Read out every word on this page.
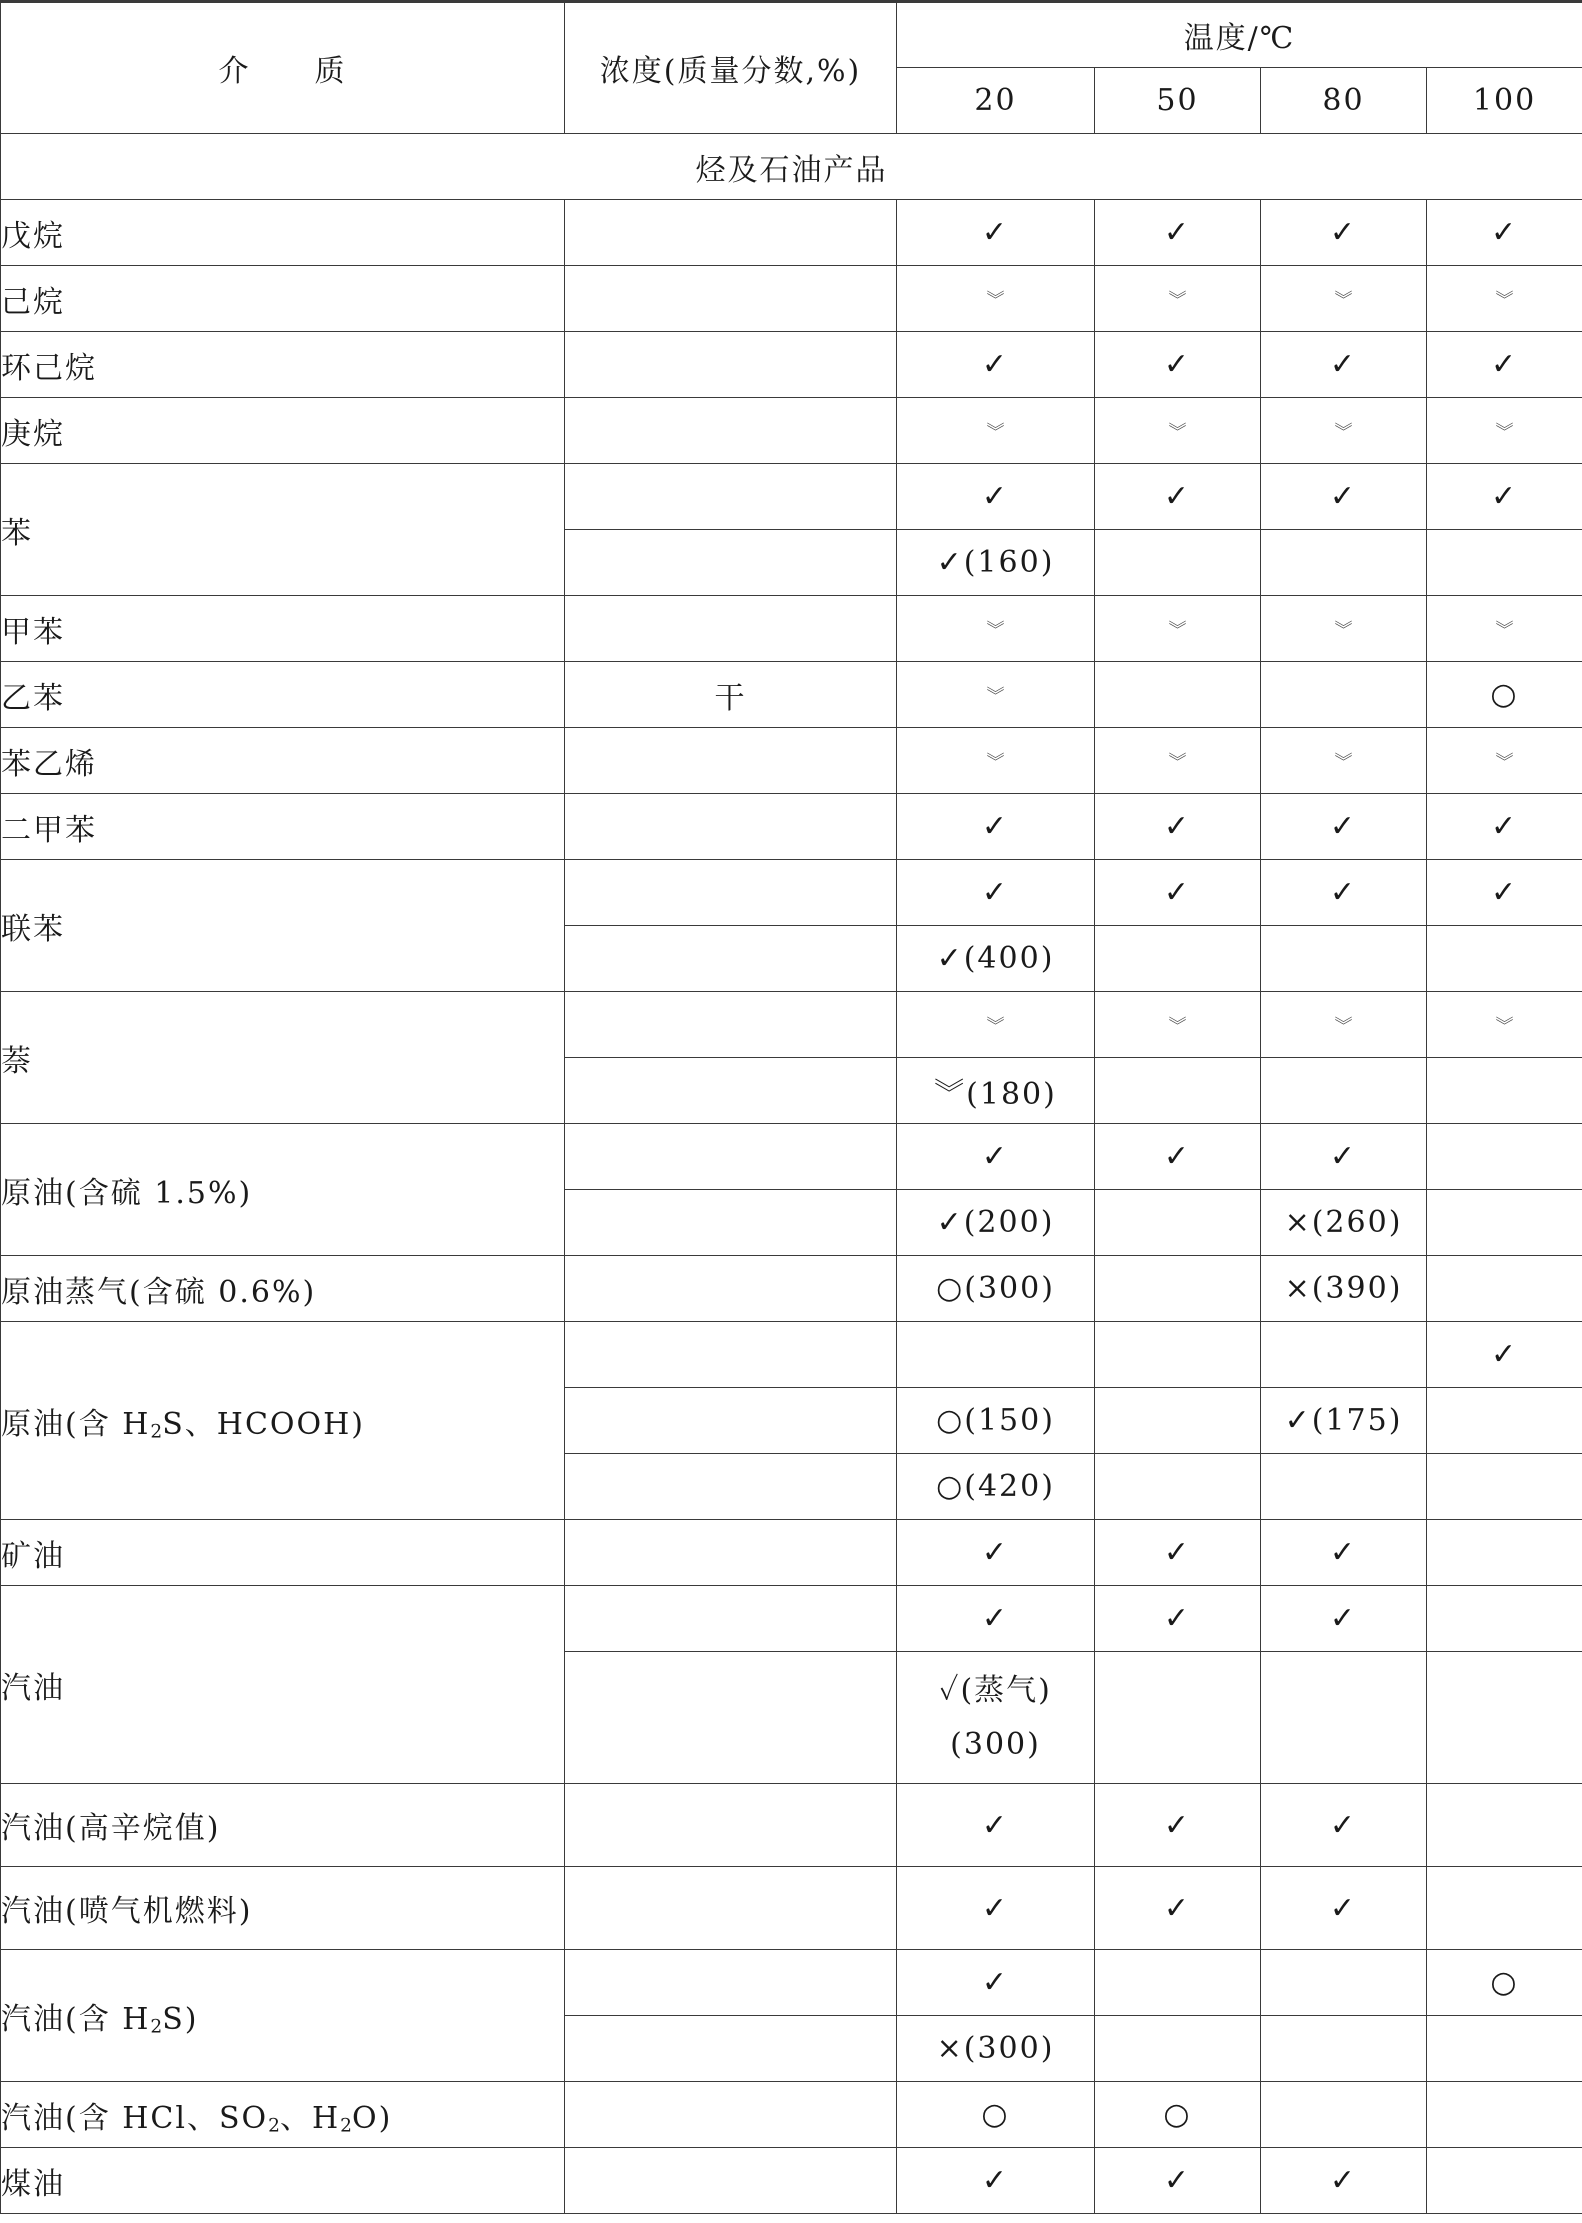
介　　质	浓度(质量分数,%)	温度/℃			
		20	50	80	100
烃及石油产品					
戊烷		✓	✓	✓	✓
己烷		︾	︾	︾	︾
环己烷		✓	✓	✓	✓
庚烷		︾	︾	︾	︾
苯		✓	✓	✓	✓
		✓(160)			
甲苯		︾	︾	︾	︾
乙苯	干	︾			○
苯乙烯		︾	︾	︾	︾
二甲苯		✓	✓	✓	✓
联苯		✓	✓	✓	✓
		✓(400)			
萘		︾	︾	︾	︾
		︾(180)			
原油(含硫 1.5%)		✓	✓	✓	
		✓(200)		×(260)	
原油蒸气(含硫 0.6%)		○(300)		×(390)	
原油(含 H2S、HCOOH)					✓
		○(150)		✓(175)	
		○(420)			
矿油		✓	✓	✓	
汽油		✓	✓	✓	

		✓(蒸气)
(300)			

汽油(高辛烷值)		✓	✓	✓	
汽油(喷气机燃料)		✓	✓	✓	
汽油(含 H2S)		✓			○
		×(300)			
汽油(含 HCl、SO2、H2O)		○	○		
煤油		✓	✓	✓	
